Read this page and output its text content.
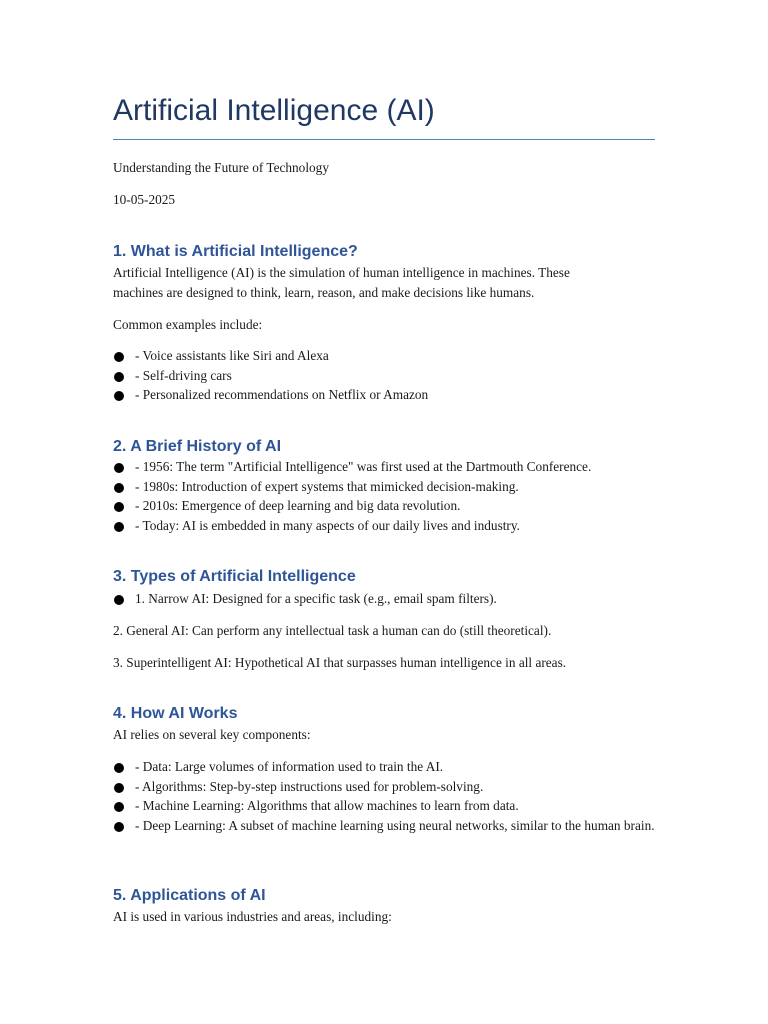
Artificial Intelligence (AI)

Understanding the Future of Technology

10-05-2025

1. What is Artificial Intelligence?

Artificial Intelligence (AI) is the simulation of human intelligence in machines. These

machines are designed to think, learn, reason, and make decisions like humans.

Common examples include:

- Voice assistants like Siri and Alexa
- Self-driving cars
- Personalized recommendations on Netflix or Amazon
2. A Brief History of AI
- 1956: The term "Artificial Intelligence" was first used at the Dartmouth Conference.
- 1980s: Introduction of expert systems that mimicked decision-making.
- 2010s: Emergence of deep learning and big data revolution.
- Today: AI is embedded in many aspects of our daily lives and industry.
3. Types of Artificial Intelligence
1. Narrow AI: Designed for a specific task (e.g., email spam filters).

2. General AI: Can perform any intellectual task a human can do (still theoretical).

3. Superintelligent AI: Hypothetical AI that surpasses human intelligence in all areas.

4. How AI Works

AI relies on several key components:

- Data: Large volumes of information used to train the AI.
- Algorithms: Step-by-step instructions used for problem-solving.
- Machine Learning: Algorithms that allow machines to learn from data.
- Deep Learning: A subset of machine learning using neural networks, similar to the human brain.
5. Applications of AI

AI is used in various industries and areas, including:
